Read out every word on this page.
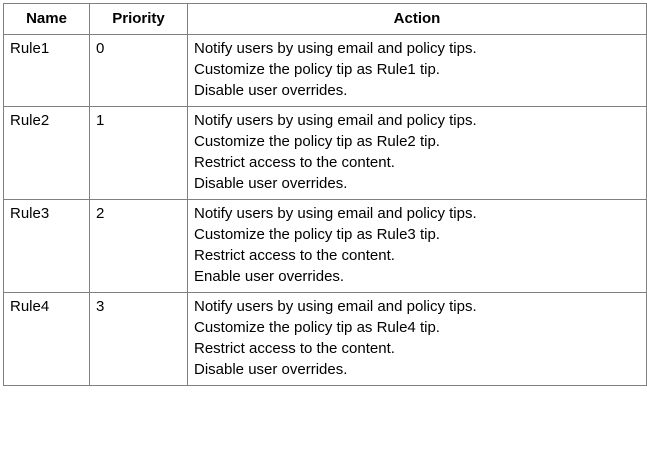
Name	Priority	Action
Rule1	0	Notify users by using email and policy tips.
Customize the policy tip as Rule1 tip.
Disable user overrides.

Rule2	1	Notify users by using email and policy tips.
Customize the policy tip as Rule2 tip.
Restrict access to the content.
Disable user overrides.

Rule3	2	Notify users by using email and policy tips.
Customize the policy tip as Rule3 tip.
Restrict access to the content.
Enable user overrides.

Rule4	3	Notify users by using email and policy tips.
Customize the policy tip as Rule4 tip.
Restrict access to the content.
Disable user overrides.
